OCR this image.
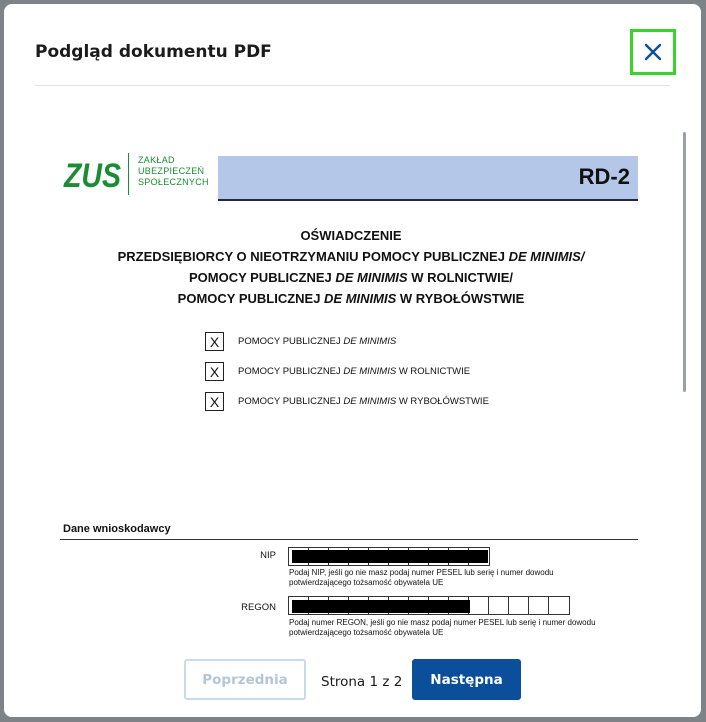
Podgląd dokumentu PDF
ZUS ZAKŁAD
UBEZPIECZEŃ
SPOŁECZNYCH	RD-2
OŚWIADCZENIE
PRZEDSIĘBIORCY O NIEOTRZYMANIU POMOCY PUBLICZNEJ DE MINIMIS/
POMOCY PUBLICZNEJ DE MINIMIS W ROLNICTWIE/
POMOCY PUBLICZNEJ DE MINIMIS W RYBOŁÓWSTWIE
X	POMOCY PUBLICZNEJ DE MINIMIS
X	POMOCY PUBLICZNEJ DE MINIMIS W ROLNICTWIE
X	POMOCY PUBLICZNEJ DE MINIMIS W RYBOŁÓWSTWIE
Dane wnioskodawcy
NIP
Podaj NIP, jeśli go nie masz podaj numer PESEL lub serię i numer dowodu
potwierdzającego tożsamość obywatela UE
REGON
Podaj numer REGON, jeśli go nie masz podaj numer PESEL lub serię i numer dowodu
potwierdzającego tożsamość obywatela UE
Poprzednia	Strona 1 z 2	Następna
